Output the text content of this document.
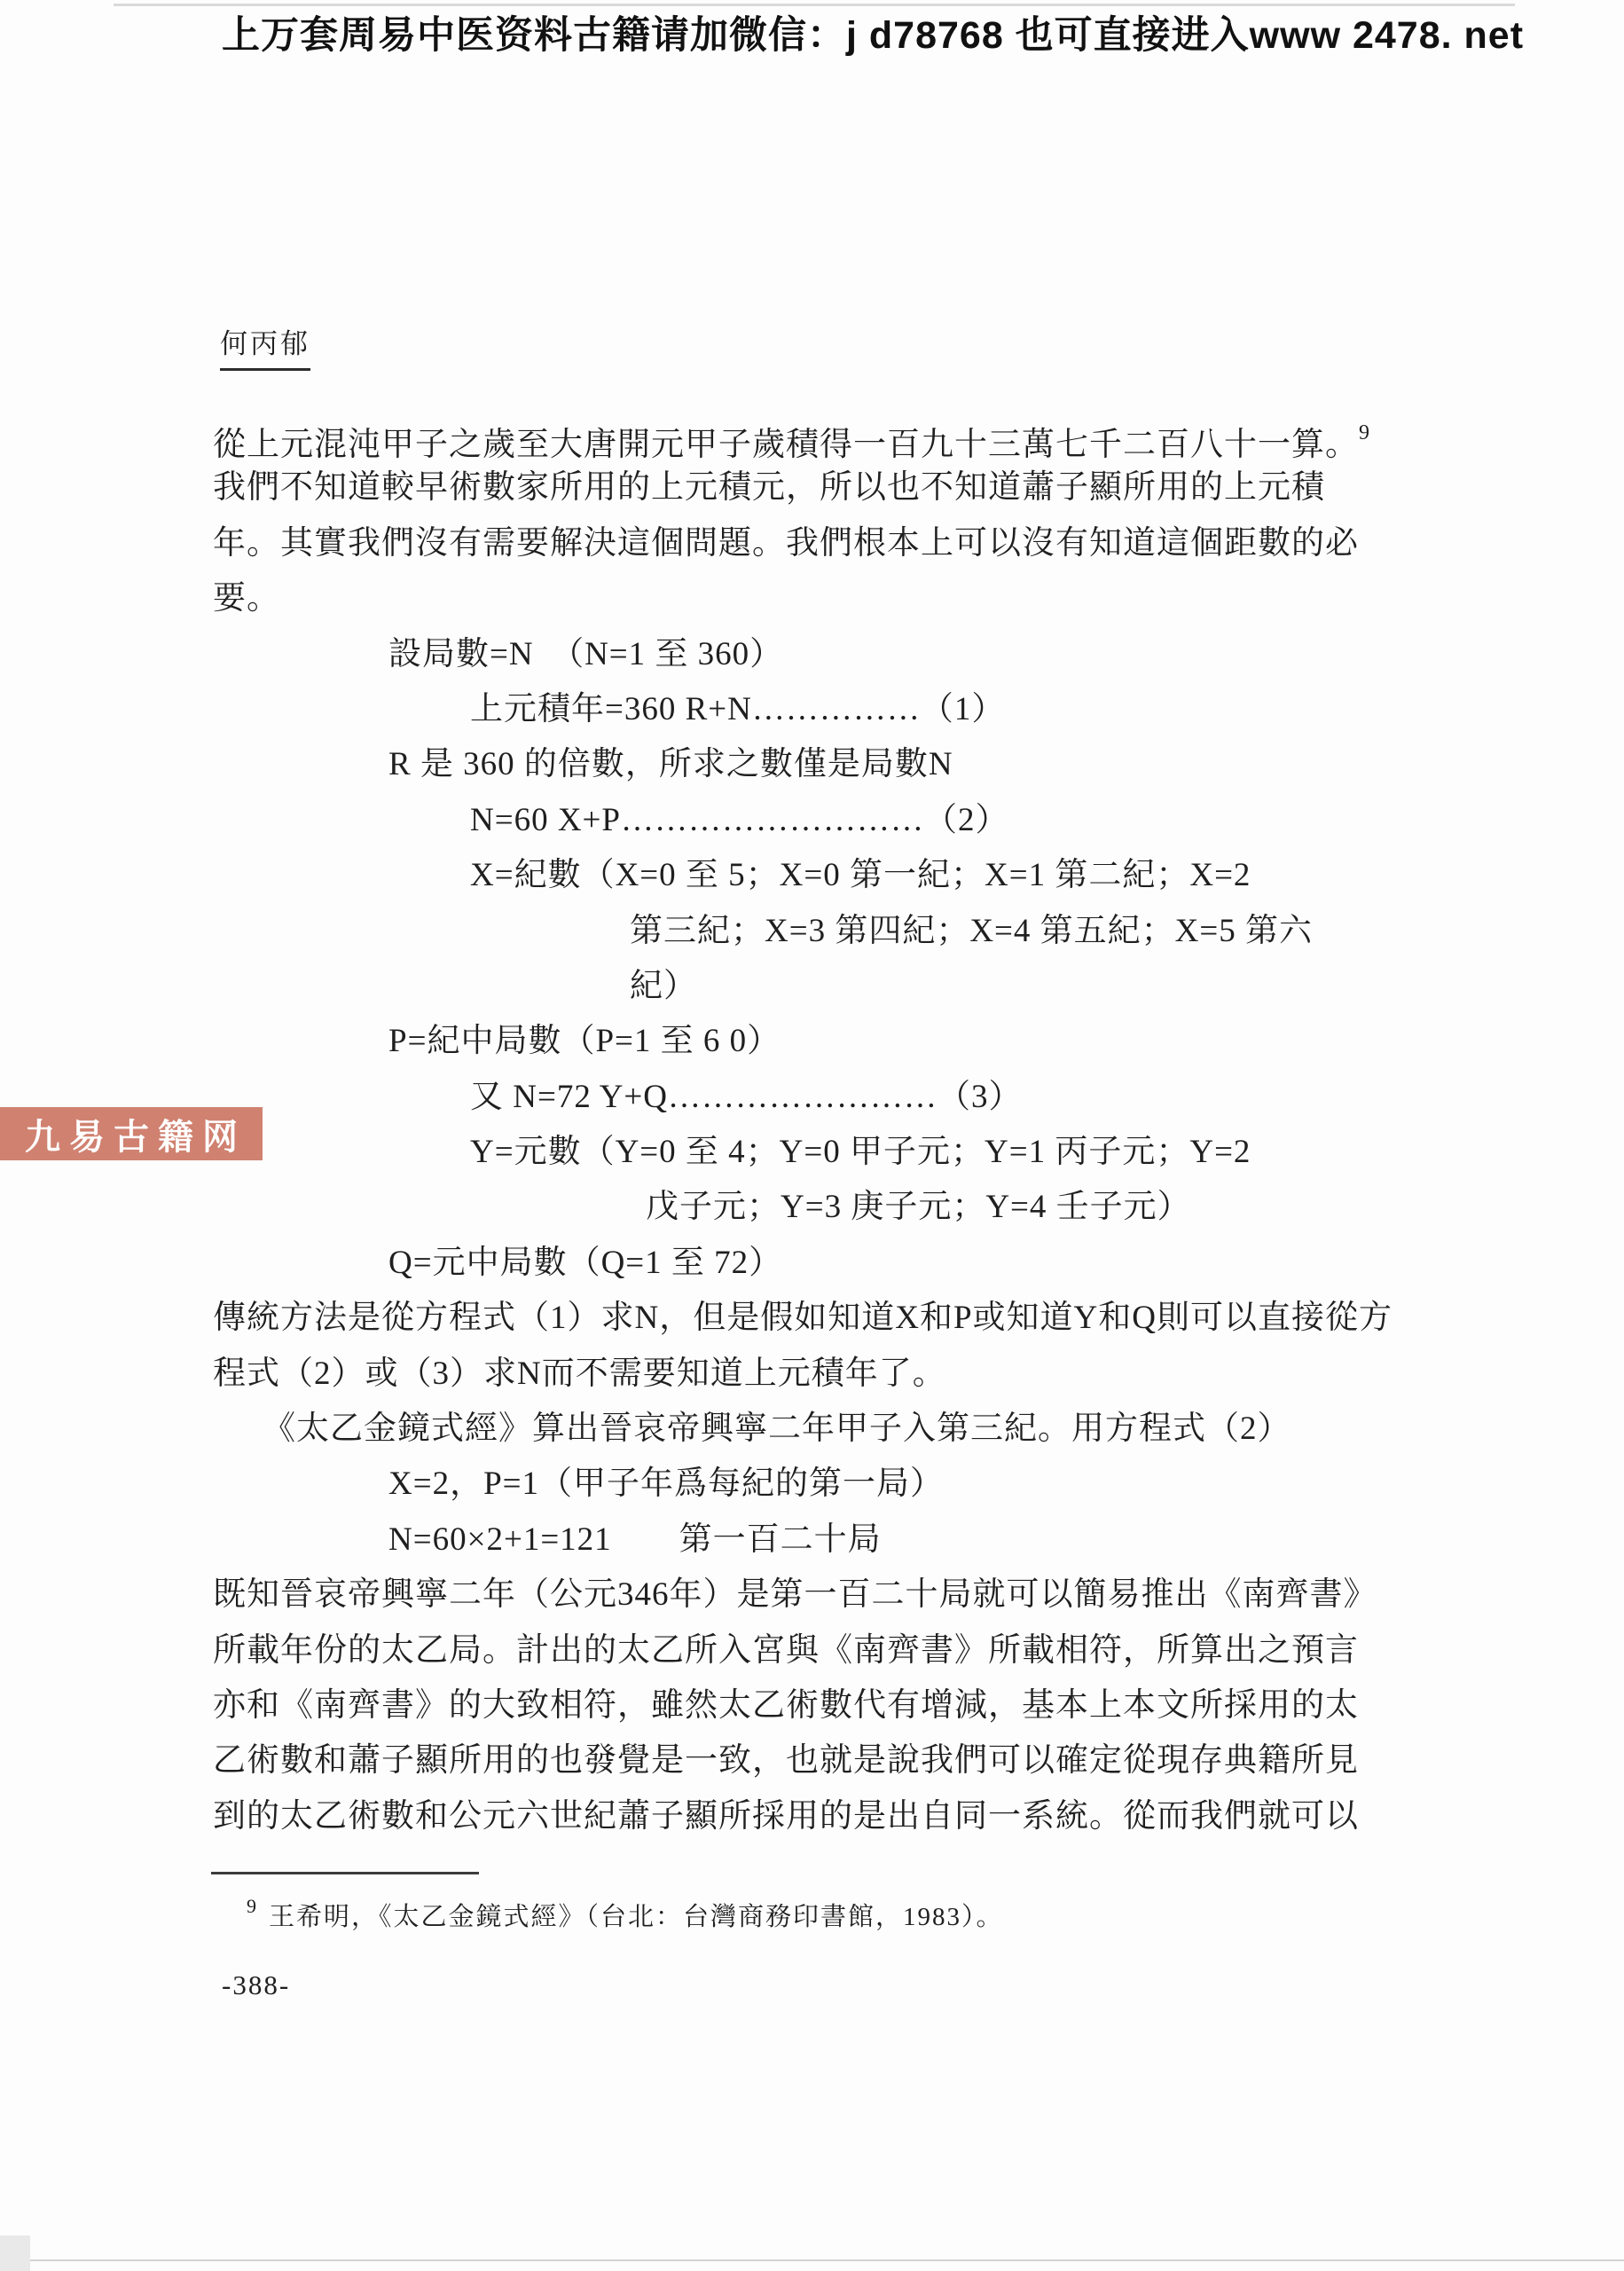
上万套周易中医资料古籍请加微信：j d78768 也可直接进入www 2478. net
何丙郁
從上元混沌甲子之歲至大唐開元甲子歲積得一百九十三萬七千二百八十一算。$^9$
我們不知道較早術數家所用的上元積元，所以也不知道蕭子顯所用的上元積
年。其實我們沒有需要解決這個問題。我們根本上可以沒有知道這個距數的必
要。
設局數=N　（N=1 至 360）
上元積年=360 R+N……………（1）
R 是 360 的倍數，所求之數僅是局數N
N=60 X+P………………………（2）
X=紀數（X=0 至 5；X=0 第一紀；X=1 第二紀；X=2
第三紀；X=3 第四紀；X=4 第五紀；X=5 第六
紀）
P=紀中局數（P=1 至 6 0）
又 N=72 Y+Q……………………（3）
Y=元數（Y=0 至 4；Y=0 甲子元；Y=1 丙子元；Y=2
戊子元；Y=3 庚子元；Y=4 壬子元）
Q=元中局數（Q=1 至 72）
傳統方法是從方程式（1）求N，但是假如知道X和P或知道Y和Q則可以直接從方
程式（2）或（3）求N而不需要知道上元積年了。
《太乙金鏡式經》算出晉哀帝興寧二年甲子入第三紀。用方程式（2）
X=2，P=1（甲子年爲每紀的第一局）
N=60×2+1=121　　第一百二十局
既知晉哀帝興寧二年（公元346年）是第一百二十局就可以簡易推出《南齊書》
所載年份的太乙局。計出的太乙所入宮與《南齊書》所載相符，所算出之預言
亦和《南齊書》的大致相符，雖然太乙術數代有增減，基本上本文所採用的太
乙術數和蕭子顯所用的也發覺是一致，也就是說我們可以確定從現存典籍所見
到的太乙術數和公元六世紀蕭子顯所採用的是出自同一系統。從而我們就可以
九易古籍网
$^9$ 王希明，《太乙金鏡式經》（台北：台灣商務印書館，1983）。
-388-
